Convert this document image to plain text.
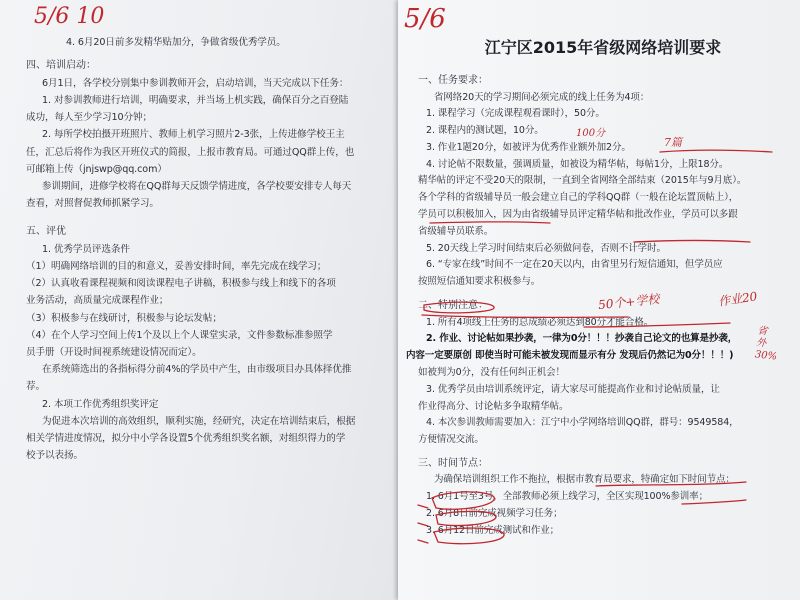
4. 6月20日前多发精华贴加分，争做省级优秀学员。

四、培训启动：

6月1日，各学校分别集中参训教师开会，启动培训，当天完成以下任务：

1. 对参训教师进行培训，明确要求，并当场上机实践，确保百分之百登陆

成功，每人至少学习10分钟；

2. 每所学校拍摄开班照片、教师上机学习照片2-3张，上传进修学校王主

任，汇总后将作为我区开班仪式的简报，上报市教育局。可通过QQ群上传，也

可邮箱上传（jnjswp@qq.com）

参训期间，进修学校将在QQ群每天反馈学情进度，各学校要安排专人每天

查看，对照督促教师抓紧学习。

五、评优

1. 优秀学员评选条件

（1）明确网络培训的目的和意义，妥善安排时间，率先完成在线学习；

（2）认真收看课程视频和阅读课程电子讲稿，积极参与线上和线下的各项

业务活动，高质量完成课程作业；

（3）积极参与在线研讨，积极参与论坛发帖；

（4）在个人学习空间上传1个及以上个人课堂实录，文件参数标准参照学

员手册（开设时间视系统建设情况而定）。

在系统筛选出的各指标得分前4%的学员中产生，由市级项目办具体择优推

荐。

2. 本项工作优秀组织奖评定

为促进本次培训的高效组织，顺利实施，经研究，决定在培训结束后，根据

相关学情进度情况，拟分中小学各设置5个优秀组织奖名额，对组织得力的学

校予以表扬。

5/6 10

江宁区2015年省级网络培训要求

一、任务要求：

省网络20天的学习期间必须完成的线上任务为4项：

1. 课程学习（完成课程观看课时），50分。

2. 课程内的测试题，10分。

3. 作业1题20分，如被评为优秀作业额外加2分。

4. 讨论帖不限数量，强调质量，如被设为精华帖，每帖1分，上限18分。

精华帖的评定不受20天的限制，一直到全省网络全部结束（2015年与9月底）。

各个学科的省级辅导员一般会建立自己的学科QQ群（一般在论坛置顶帖上），

学员可以积极加入，因为由省级辅导员评定精华帖和批改作业，学员可以多跟

省级辅导员联系。

5. 20天线上学习时间结束后必须做问卷，否则不计学时。

6. “专家在线”时间不一定在20天以内，由省里另行短信通知，但学员应

按照短信通知要求积极参与。

二、特别注意：

1. 所有4项线上任务的总成绩必须达到80分才能合格。

2. 作业、讨论帖如果抄袭，一律为0分！！！抄袭自己论文的也算是抄袭，

内容一定要原创 即使当时可能未被发现而显示有分 发现后仍然记为0分！！！)

如被判为0分，没有任何纠正机会！

3. 优秀学员由培训系统评定，请大家尽可能提高作业和讨论帖质量，让

作业得高分、讨论帖多争取精华帖。

4. 本次参训教师需要加入：江宁中小学网络培训QQ群，群号：9549584，

方便情况交流。

三、时间节点：

为确保培训组织工作不拖拉，根据市教育局要求，特确定如下时间节点：

1. 6月1号至3号，全部教师必须上线学习，全区实现100%参训率；

2. 6月8日前完成视频学习任务；

3. 6月12日前完成测试和作业；

5/6
100分
7篇
50个+学校	作业20
省外30%
